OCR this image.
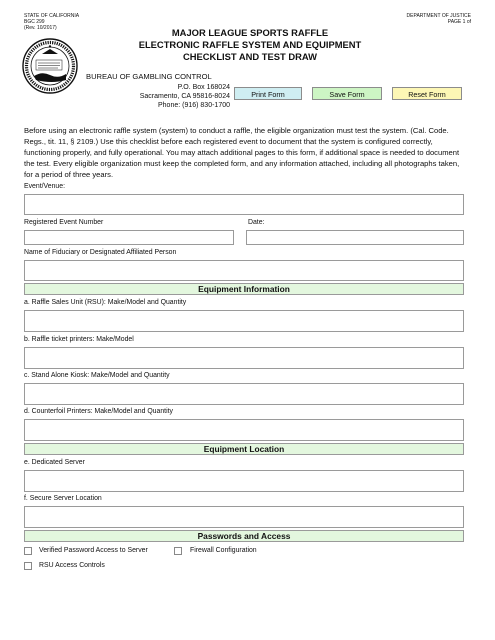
STATE OF CALIFORNIA
BGC 299
(Rev. 10/2017)
DEPARTMENT OF JUSTICE
PAGE 1 of
MAJOR LEAGUE SPORTS RAFFLE
ELECTRONIC RAFFLE SYSTEM AND EQUIPMENT
CHECKLIST AND TEST DRAW
BUREAU OF GAMBLING CONTROL
P.O. Box 168024
Sacramento, CA 95816-8024
Phone: (916) 830-1700
Print Form	Save Form	Reset Form
Before using an electronic raffle system (system) to conduct a raffle, the eligible organization must test the system. (Cal. Code. Regs., tit. 11, § 2109.) Use this checklist before each registered event to document that the system is configured correctly, functioning properly, and fully operational. You may attach additional pages to this form, if additional space is needed to document the test. Every eligible organization must keep the completed form, and any information attached, including all photographs taken, for a period of three years.
Event/Venue:
Registered Event Number	Date:
Name of Fiduciary or Designated Affiliated Person
Equipment Information
a. Raffle Sales Unit (RSU): Make/Model and Quantity
b. Raffle ticket printers: Make/Model
c. Stand Alone Kiosk: Make/Model and Quantity
d. Counterfoil Printers: Make/Model and Quantity
Equipment Location
e. Dedicated Server
f. Secure Server Location
Passwords and Access
Verified Password Access to Server	Firewall Configuration
RSU Access Controls
